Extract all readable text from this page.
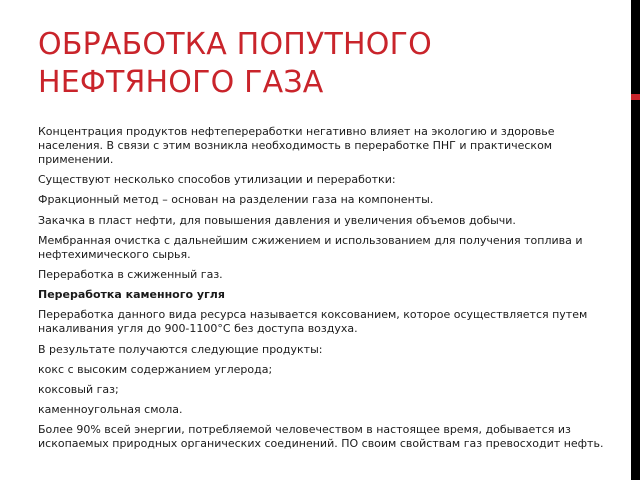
ОБРАБОТКА ПОПУТНОГО НЕФТЯНОГО ГАЗА

Концентрация продуктов нефтепереработки негативно влияет на экологию и здоровье населения. В связи с этим возникла необходимость в переработке ПНГ и практическом применении.

Существуют несколько способов утилизации и переработки:

Фракционный метод – основан на разделении газа на компоненты.

Закачка в пласт нефти, для повышения давления и увеличения объемов добычи.

Мембранная очистка с дальнейшим сжижением и использованием для получения топлива и нефтехимического сырья.

Переработка в сжиженный газ.

Переработка каменного угля

Переработка данного вида ресурса называется коксованием, которое осуществляется путем накаливания угля до 900-1100°C без доступа воздуха.

В результате получаются следующие продукты:

кокс с высоким содержанием углерода;

коксовый газ;

каменноугольная смола.

Более 90% всей энергии, потребляемой человечеством в настоящее время, добывается из ископаемых природных органических соединений. ПО своим свойствам газ превосходит нефть.
